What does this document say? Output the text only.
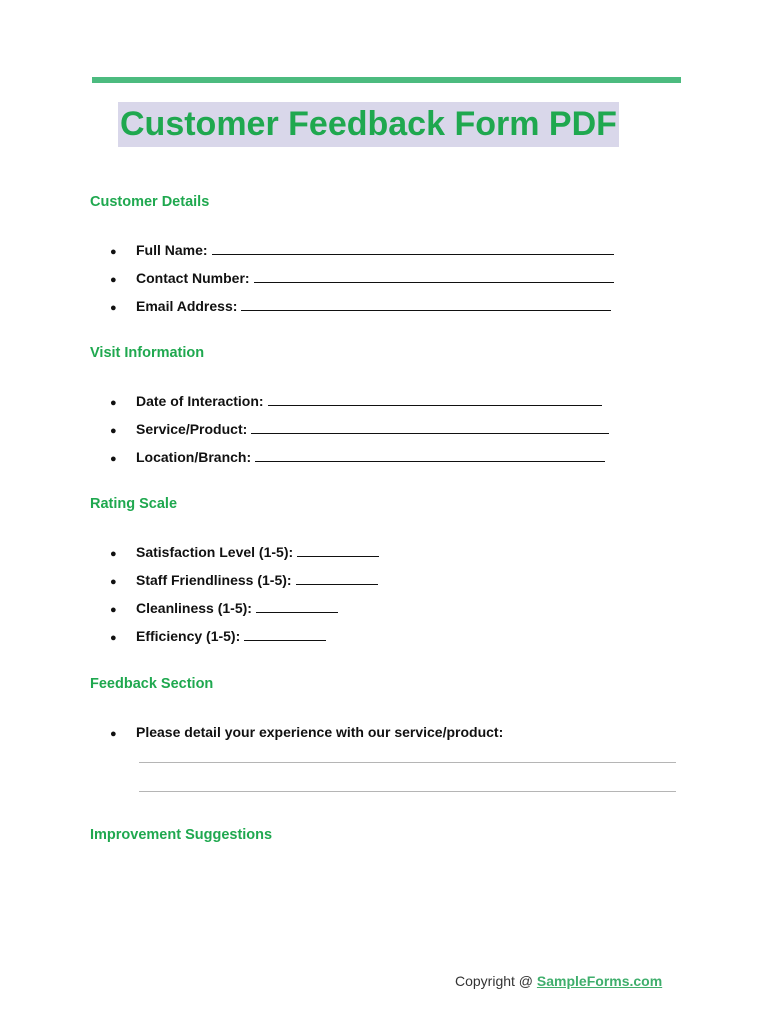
Customer Feedback Form PDF
Customer Details
● Full Name:
● Contact Number:
● Email Address:
Visit Information
● Date of Interaction:
● Service/Product:
● Location/Branch:
Rating Scale
● Satisfaction Level (1-5):
● Staff Friendliness (1-5):
● Cleanliness (1-5):
● Efficiency (1-5):
Feedback Section
● Please detail your experience with our service/product:
Improvement Suggestions
Copyright @ SampleForms.com
